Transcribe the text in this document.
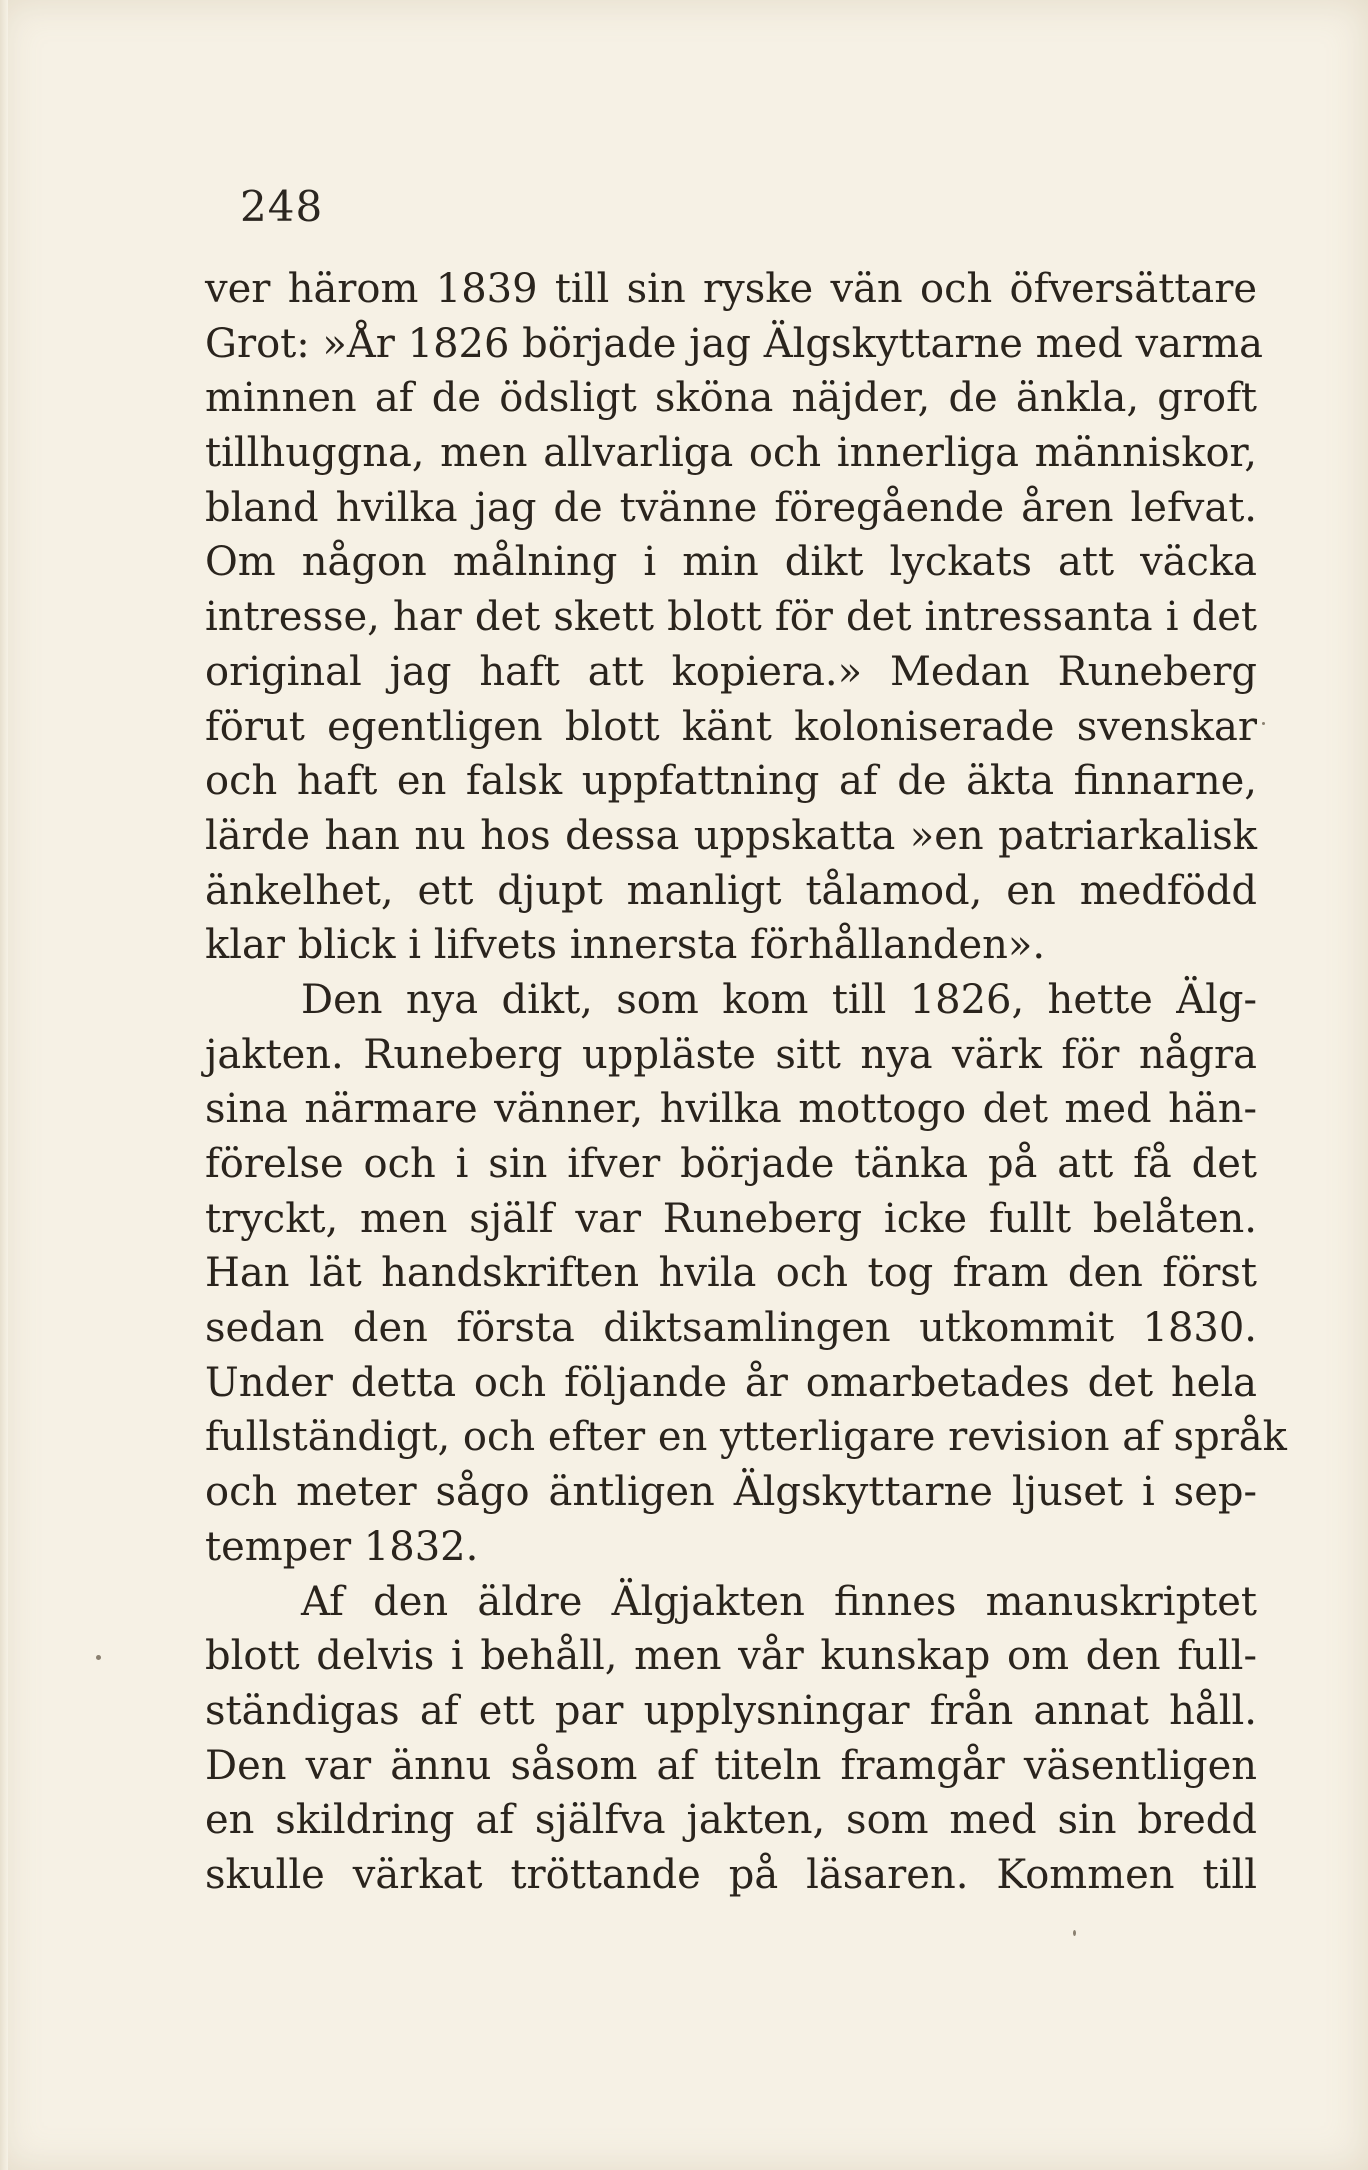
248
ver härom 1839 till sin ryske vän och öfversättare
Grot: »År 1826 började jag Älgskyttarne med varma
minnen af de ödsligt sköna näjder, de änkla, groft
tillhuggna, men allvarliga och innerliga människor,
bland hvilka jag de tvänne föregående åren lefvat.
Om någon målning i min dikt lyckats att väcka
intresse, har det skett blott för det intressanta i det
original jag haft att kopiera.» Medan Runeberg
förut egentligen blott känt koloniserade svenskar
och haft en falsk uppfattning af de äkta finnarne,
lärde han nu hos dessa uppskatta »en patriarkalisk
änkelhet, ett djupt manligt tålamod, en medfödd
klar blick i lifvets innersta förhållanden».
Den nya dikt, som kom till 1826, hette Älg-
jakten. Runeberg uppläste sitt nya värk för några
sina närmare vänner, hvilka mottogo det med hän-
förelse och i sin ifver började tänka på att få det
tryckt, men själf var Runeberg icke fullt belåten.
Han lät handskriften hvila och tog fram den först
sedan den första diktsamlingen utkommit 1830.
Under detta och följande år omarbetades det hela
fullständigt, och efter en ytterligare revision af språk
och meter sågo äntligen Älgskyttarne ljuset i sep-
temper 1832.
Af den äldre Älgjakten finnes manuskriptet
blott delvis i behåll, men vår kunskap om den full-
ständigas af ett par upplysningar från annat håll.
Den var ännu såsom af titeln framgår väsentligen
en skildring af själfva jakten, som med sin bredd
skulle värkat tröttande på läsaren. Kommen till
